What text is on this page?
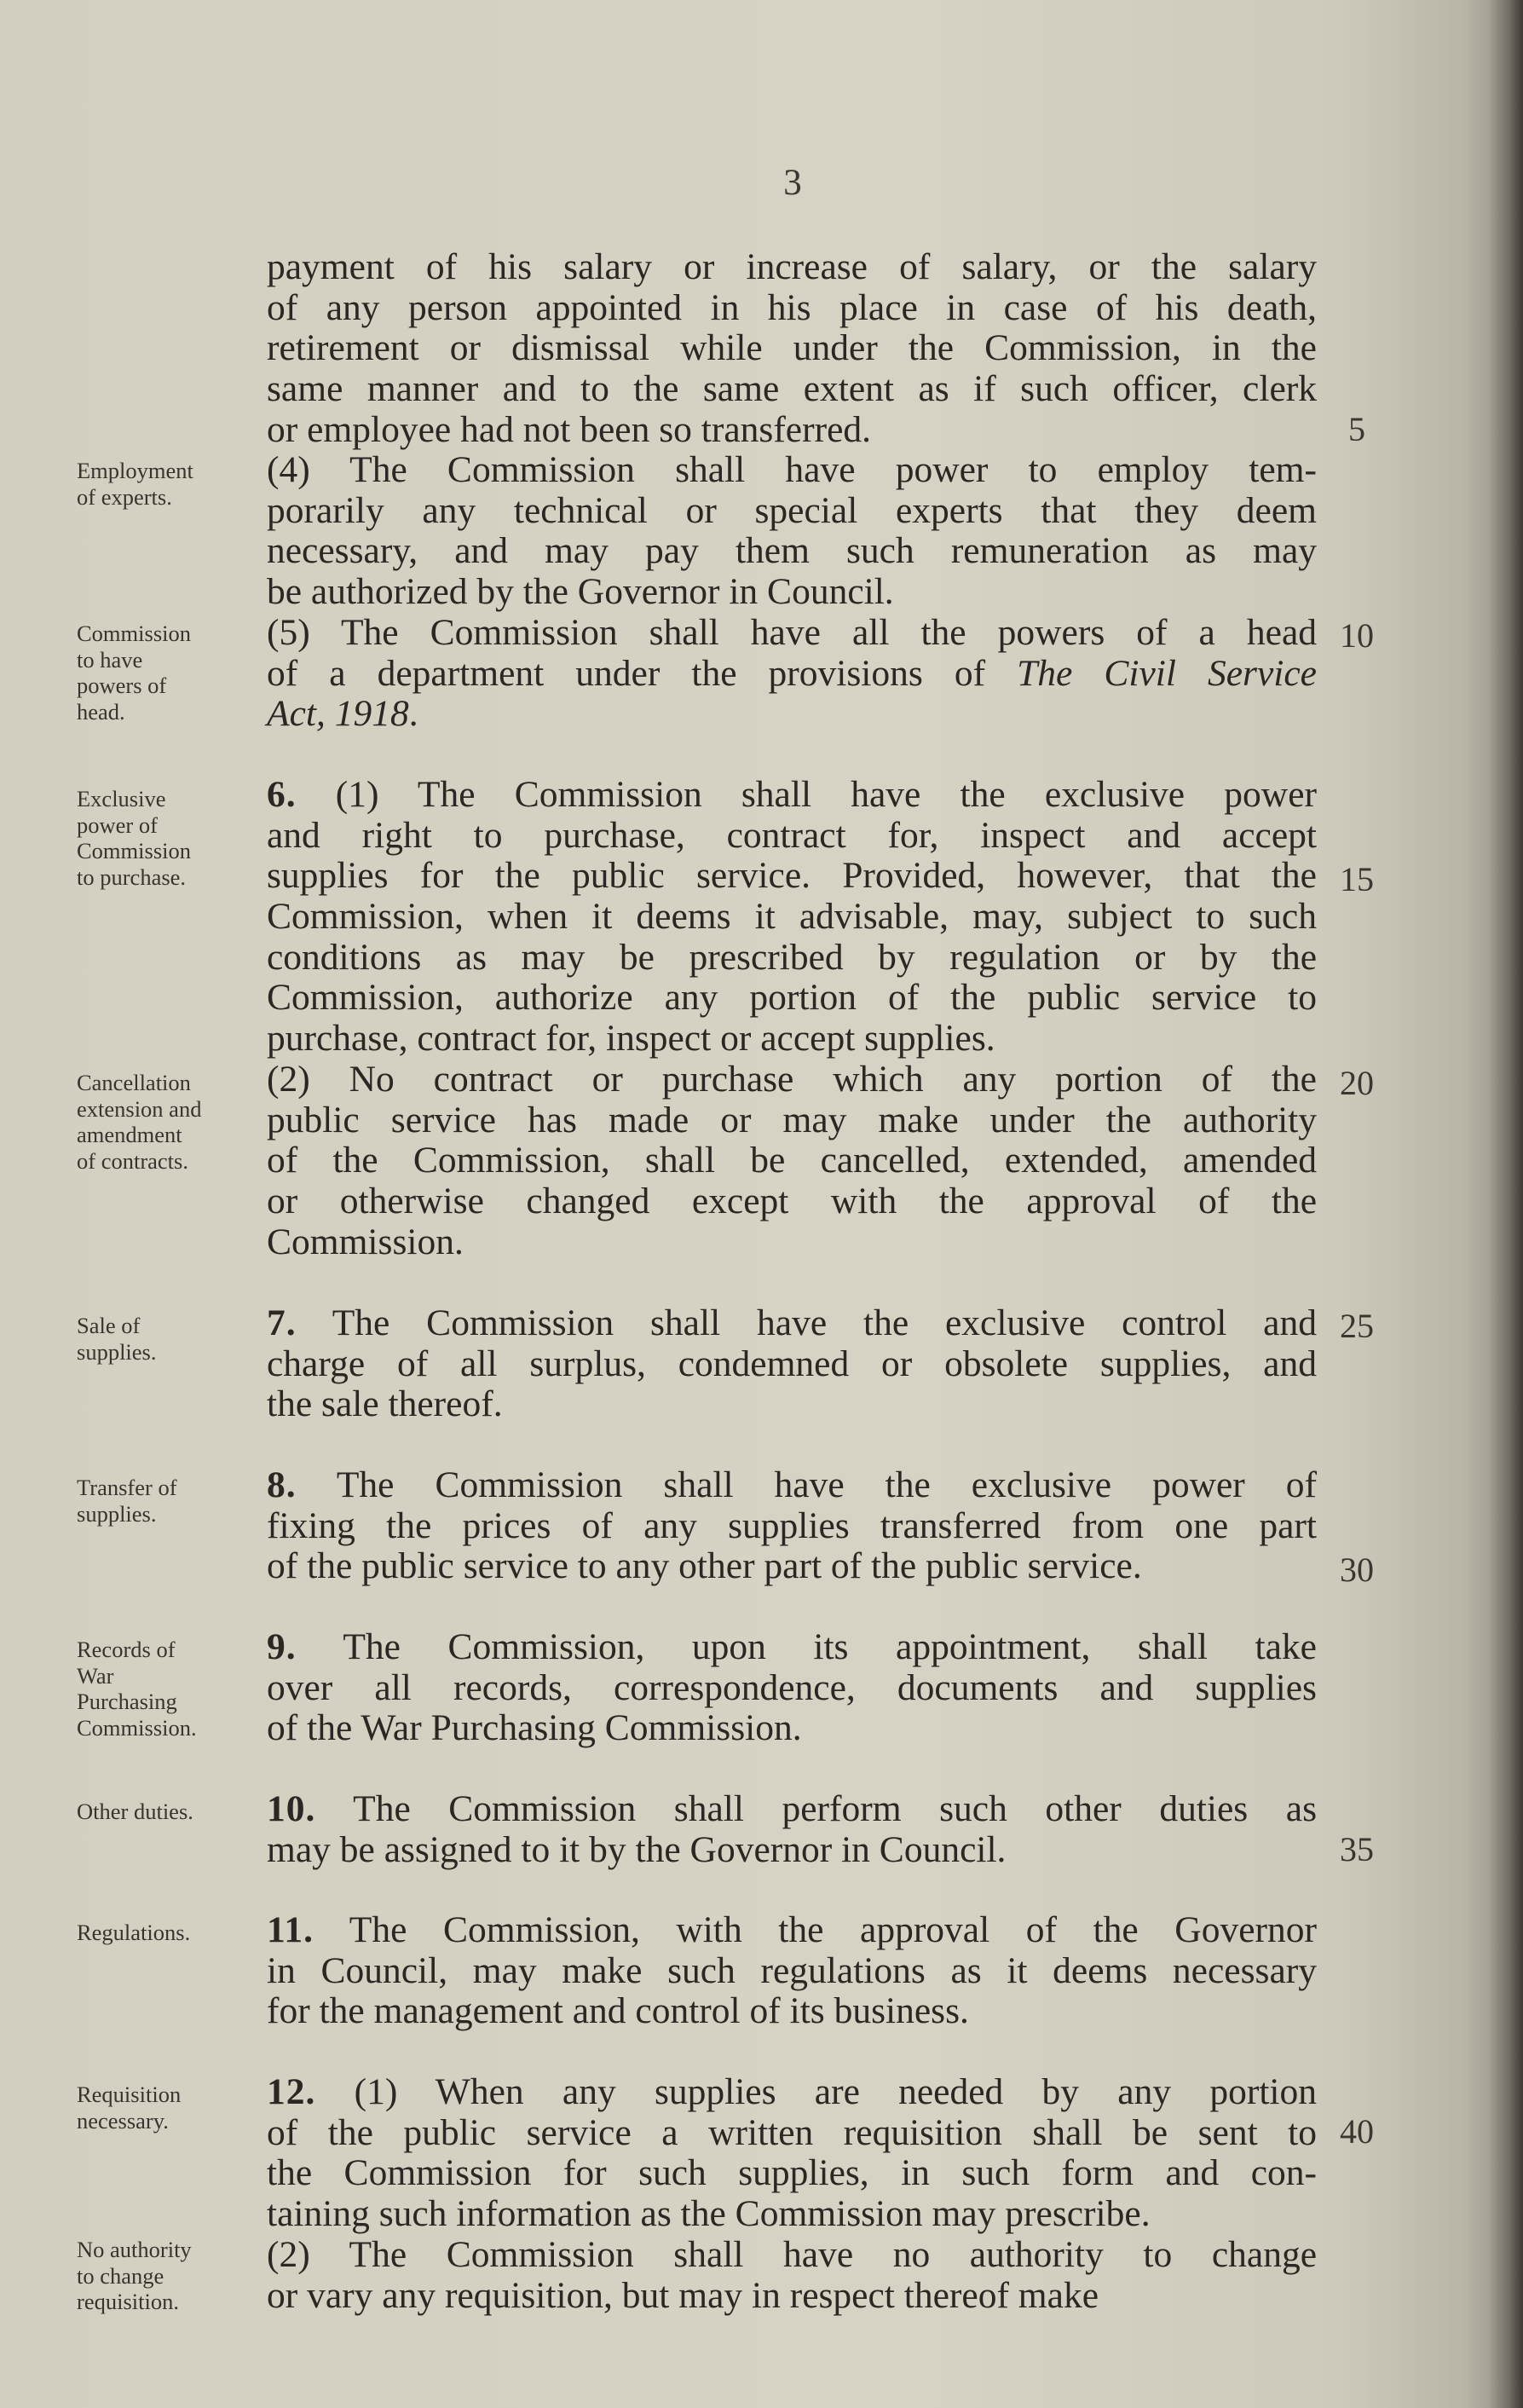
3
payment of his salary or increase of salary, or the salary
of any person appointed in his place in case of his death,
retirement or dismissal while under the Commission, in the
same manner and to the same extent as if such officer, clerk
or employee had not been so transferred.
(4) The Commission shall have power to employ tem-
porarily any technical or special experts that they deem
necessary, and may pay them such remuneration as may
be authorized by the Governor in Council.
(5) The Commission shall have all the powers of a head
of a department under the provisions of The Civil Service
Act, 1918.
6. (1) The Commission shall have the exclusive power
and right to purchase, contract for, inspect and accept
supplies for the public service. Provided, however, that the
Commission, when it deems it advisable, may, subject to such
conditions as may be prescribed by regulation or by the
Commission, authorize any portion of the public service to
purchase, contract for, inspect or accept supplies.
(2) No contract or purchase which any portion of the
public service has made or may make under the authority
of the Commission, shall be cancelled, extended, amended
or otherwise changed except with the approval of the
Commission.
7. The Commission shall have the exclusive control and
charge of all surplus, condemned or obsolete supplies, and
the sale thereof.
8. The Commission shall have the exclusive power of
fixing the prices of any supplies transferred from one part
of the public service to any other part of the public service.
9. The Commission, upon its appointment, shall take
over all records, correspondence, documents and supplies
of the War Purchasing Commission.
10. The Commission shall perform such other duties as
may be assigned to it by the Governor in Council.
11. The Commission, with the approval of the Governor
in Council, may make such regulations as it deems necessary
for the management and control of its business.
12. (1) When any supplies are needed by any portion
of the public service a written requisition shall be sent to
the Commission for such supplies, in such form and con-
taining such information as the Commission may prescribe.
(2) The Commission shall have no authority to change
or vary any requisition, but may in respect thereof make
Employment
of experts.
Commission
to have
powers of
head.
Exclusive
power of
Commission
to purchase.
Cancellation
extension and
amendment
of contracts.
Sale of
supplies.
Transfer of
supplies.
Records of
War
Purchasing
Commission.
Other duties.
Regulations.
Requisition
necessary.
No authority
to change
requisition.
5
10
15
20
25
30
35
40
